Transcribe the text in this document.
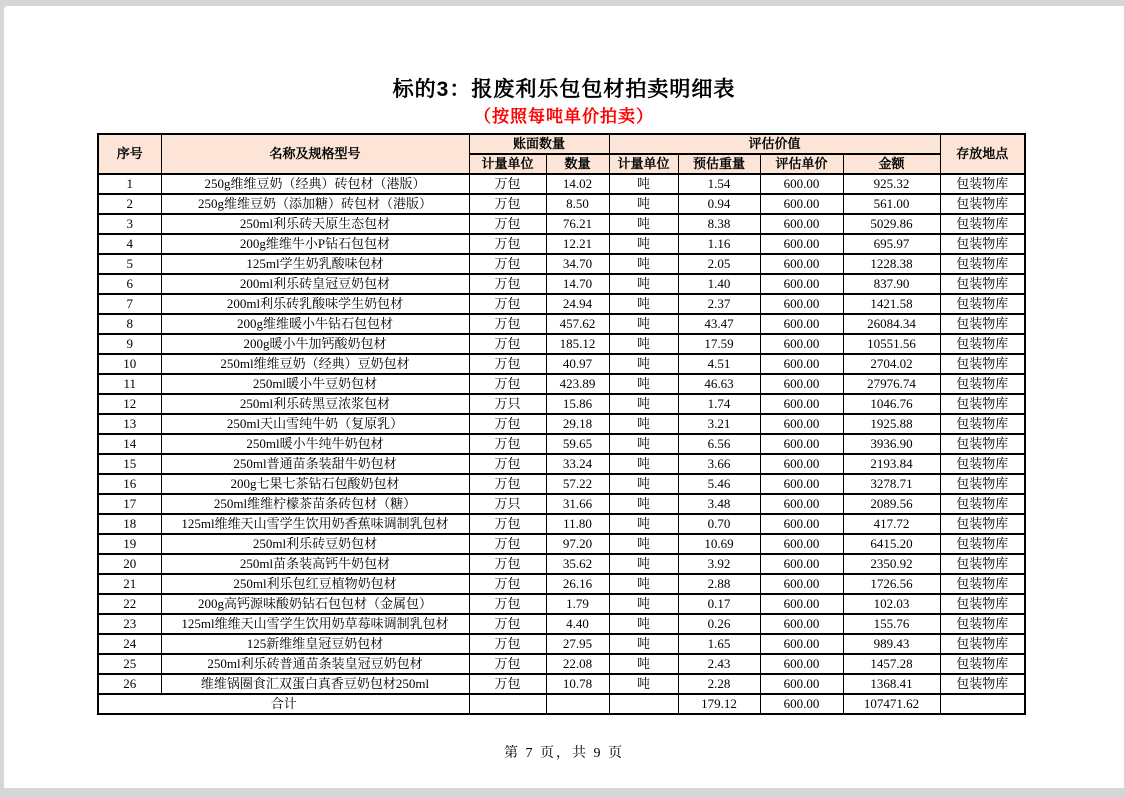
标的3：报废利乐包包材拍卖明细表
（按照每吨单价拍卖）
序号	名称及规格型号	账面数量		评估价值				存放地点
		计量单位	数量	计量单位	预估重量	评估单价	金额	
1	250g维维豆奶（经典）砖包材（港版）	万包	14.02	吨	1.54	600.00	925.32	包装物库
2	250g维维豆奶（添加糖）砖包材（港版）	万包	8.50	吨	0.94	600.00	561.00	包装物库
3	250ml利乐砖天原生态包材	万包	76.21	吨	8.38	600.00	5029.86	包装物库
4	200g维维牛小P钻石包包材	万包	12.21	吨	1.16	600.00	695.97	包装物库
5	125ml学生奶乳酸味包材	万包	34.70	吨	2.05	600.00	1228.38	包装物库
6	200ml利乐砖皇冠豆奶包材	万包	14.70	吨	1.40	600.00	837.90	包装物库
7	200ml利乐砖乳酸味学生奶包材	万包	24.94	吨	2.37	600.00	1421.58	包装物库
8	200g维维暖小牛钻石包包材	万包	457.62	吨	43.47	600.00	26084.34	包装物库
9	200g暖小牛加钙酸奶包材	万包	185.12	吨	17.59	600.00	10551.56	包装物库
10	250ml维维豆奶（经典）豆奶包材	万包	40.97	吨	4.51	600.00	2704.02	包装物库
11	250ml暖小牛豆奶包材	万包	423.89	吨	46.63	600.00	27976.74	包装物库
12	250ml利乐砖黑豆浓浆包材	万只	15.86	吨	1.74	600.00	1046.76	包装物库
13	250ml天山雪纯牛奶（复原乳）	万包	29.18	吨	3.21	600.00	1925.88	包装物库
14	250ml暖小牛纯牛奶包材	万包	59.65	吨	6.56	600.00	3936.90	包装物库
15	250ml普通苗条装甜牛奶包材	万包	33.24	吨	3.66	600.00	2193.84	包装物库
16	200g七果七茶钻石包酸奶包材	万包	57.22	吨	5.46	600.00	3278.71	包装物库
17	250ml维维柠檬茶苗条砖包材（糖）	万只	31.66	吨	3.48	600.00	2089.56	包装物库
18	125ml维维天山雪学生饮用奶香蕉味调制乳包材	万包	11.80	吨	0.70	600.00	417.72	包装物库
19	250ml利乐砖豆奶包材	万包	97.20	吨	10.69	600.00	6415.20	包装物库
20	250ml苗条装高钙牛奶包材	万包	35.62	吨	3.92	600.00	2350.92	包装物库
21	250ml利乐包红豆植物奶包材	万包	26.16	吨	2.88	600.00	1726.56	包装物库
22	200g高钙源味酸奶钻石包包材（金属包）	万包	1.79	吨	0.17	600.00	102.03	包装物库
23	125ml维维天山雪学生饮用奶草莓味调制乳包材	万包	4.40	吨	0.26	600.00	155.76	包装物库
24	125新维维皇冠豆奶包材	万包	27.95	吨	1.65	600.00	989.43	包装物库
25	250ml利乐砖普通苗条装皇冠豆奶包材	万包	22.08	吨	2.43	600.00	1457.28	包装物库
26	维维锅圈食汇双蛋白真香豆奶包材250ml	万包	10.78	吨	2.28	600.00	1368.41	包装物库
合计					179.12	600.00	107471.62	
第 7 页，共 9 页
